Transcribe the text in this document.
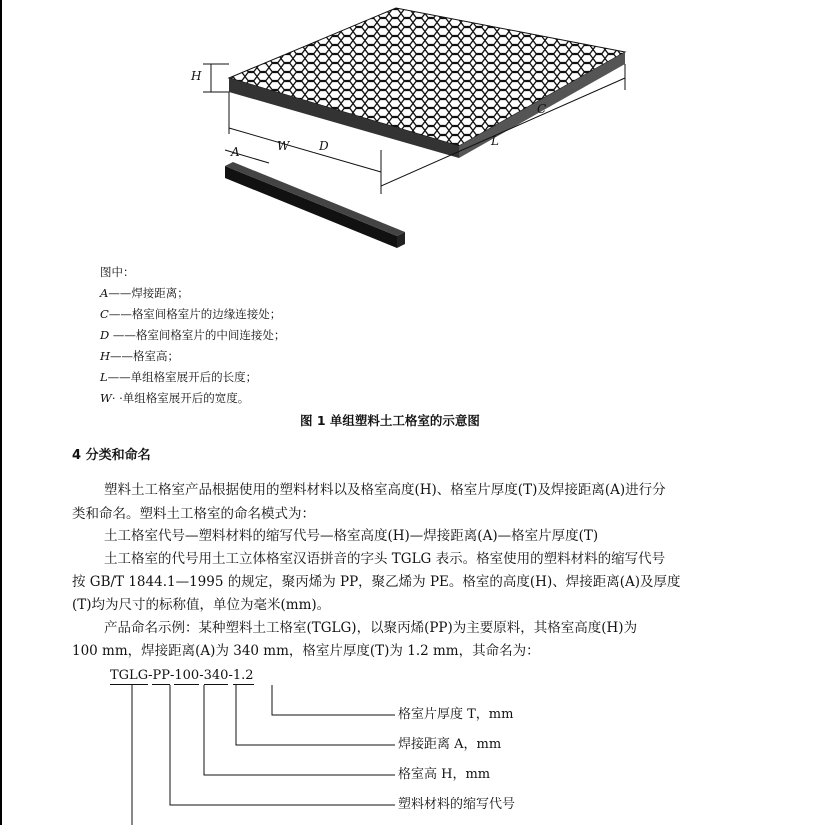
H
W D	L
C
A
图中：
A——焊接距离；
C——格室间格室片的边缘连接处；
D ——格室间格室片的中间连接处；
H——格室高；
L——单组格室展开后的长度；
W· ·单组格室展开后的宽度。
图 1 单组塑料土工格室的示意图
4 分类和命名
塑料土工格室产品根据使用的塑料材料以及格室高度(H)、格室片厚度(T)及焊接距离(A)进行分
类和命名。塑料土工格室的命名模式为：
土工格室代号—塑料材料的缩写代号—格室高度(H)—焊接距离(A)—格室片厚度(T)
土工格室的代号用土工立体格室汉语拼音的字头 TGLG 表示。格室使用的塑料材料的缩写代号
按 GB/T 1844.1—1995 的规定，聚丙烯为 PP，聚乙烯为 PE。格室的高度(H)、焊接距离(A)及厚度
(T)均为尺寸的标称值，单位为毫米(mm)。
产品命名示例：某种塑料土工格室(TGLG)，以聚丙烯(PP)为主要原料，其格室高度(H)为
100 mm，焊接距离(A)为 340 mm，格室片厚度(T)为 1.2 mm，其命名为：
TGLG-PP-100-340-1.2
格室片厚度 T，mm
焊接距离 A，mm
格室高 H，mm
塑料材料的缩写代号
